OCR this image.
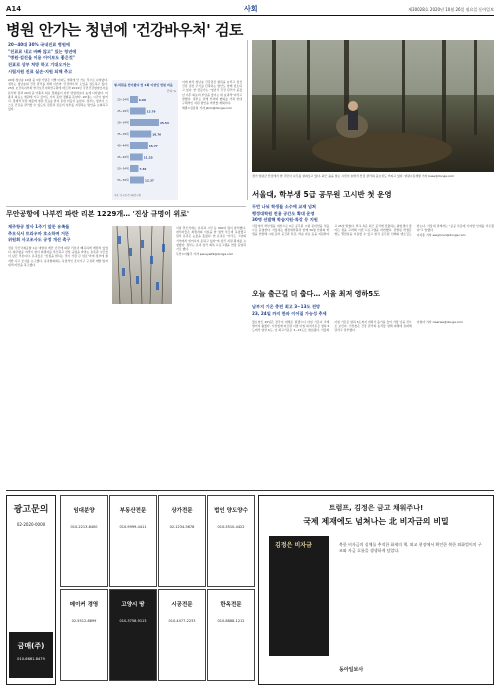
A14	사회	제30028호 2020년 10월 26일 월요일 동아일보
병원 안가는 청년에 '건강바우처' 검토
20~40대 30% 국내진료 병원에
"진료료 내고 바빠 않고" 있는 청년에
"병원·검진을 이용 이어보도 좋은것"
진료로 상부 처방 하고 기대오거는
시립지원 진료 실손·지원 되해 추고

20대 청년층 10명 중 3명 가량은 이빨 아파도 병원에 안 가는 것으로 나타났다. 정부는 청년층의 건강 관리를 위해 이른바 '건강바우처' 도입을 검토하고 있다. 25일 보건복지부와 한국보건사회연구원에 따르면 2019년 국민건강영양조사를 분석한 결과 20대 중 미충족 의료 경험률이 다른 연령대보다 높게 나타났다. 미충족 의료는 병원에 가고 싶어도 가지 못한 경험을 뜻한다. 20대는 시간이 없어서, 경제적 부담 때문에 병원 진료를 받지 못한 비율이 높았다. 정부는 청년이 스스로 건강을 관리할 수 있도록 검진과 진료비 일부를 지원하는 방안을 논의하고 있다.

병·의원을 안가봤다 연 1회 이상인 연령 비율
단위: %
20~24세	6.99
25~29세	13.79
30~34세	25.54
35~39세	18.76
40~44세	15.77
45~49세	11.20
50~54세	7.46
55~59세	12.37
자료: 한국보건사회연구원

이에 따라 청년층 건강검진 항목을 늘리고 정신건강 검진 주기를 단축하는 방안도 함께 검토되고 있다. 한 전문가는 "청년기 건강 관리가 중장년 이후 의료비 부담을 줄이는 데 효과적"이라고 말했다. 정부는 관계 부처와 협의를 거쳐 연내 구체적인 지원 방안을 마련할 계획이다.

세종=김준일 기자 jikim@donga.com

경기 양평군 산림에서 한 주민이 나무를 살펴보고 있다. 최근 숲을 찾는 시민이 늘면서 산림 관리의 중요성도 커지고 있다. 양평=김재명 기자 base@donga.com
서울대, 학부생 5급 공무원 고시반 첫 운영
두번 나눠 학생들 소수에 교재 넘쳐
행정대학원 전용 공간도 확대 운영
30명 선발해 학습지원·특강 등 지원

서울대가 학부생을 대상으로 5급 공무원 시험 준비반을 처음으로 운영한다. 서울대는 행정대학원과 함께 30명 안팎의 학생을 선발해 시험 준비 공간과 특강, 학습 자료 등을 지원한다고 25일 밝혔다. 학교 측은 최근 공직에 진출하는 졸업생이 줄어든 점을 고려해 이번 프로그램을 마련했다. 선발된 학생은 별도 열람실을 이용할 수 있고 현직 공무원 선배의 멘토링도 받는다. 서울대 관계자는 "공공 부문에 기여할 인재를 키우겠다"고 말했다.

이지훈 기자 easyhoon@donga.com

무안공항에 나부낀 파란 리본 1229개… '진상 규명이 위로'
제주항공 참사 1주기 앞둔 유족들
추모식서 트라우마 호소하며 거뜬
위원회 사고조사도 공정 개선 촉구

전남 무안국제공항 1층 대합실 계단 난간에 파란 리본이 빼곡하게 매달려 있었다. 제주항공 여객기 참사 희생자를 추모하고 진상 규명을 바라는 유족과 시민들이 남긴 리본이다. 유족들은 "진실을 밝히는 것이 가장 큰 위로"라며 정부에 철저한 사고 조사를 요구했다. 유족협의회는 독립적인 조사기구 구성과 재발 방지 대책 마련을 촉구했다.

이날 추모식에는 유족과 시민 등 300여 명이 참석했다. 참석자들은 희생자의 이름을 한 명씩 부르며 묵념했고 일부 유족은 눈물을 흘렸다. 한 유족은 "아직도 그날의 기억에서 벗어나지 못하고 있다"며 심리 지원 확대를 요청했다. 정부는 유족 심리 회복 프로그램을 연장 운영하기로 했다.

무안=이형주 기자 peneye09@donga.com

오늘 출근길 더 춥다… 서울 최저 영하5도
남부지 기온 충전 최고 3~13도 전망
23, 24일 까지 한파 이어질 가능성 추세

월요일인 26일은 전국이 대체로 맑겠으나 아침 기온이 크게 떨어져 춥겠다. 기상청에 따르면 이날 아침 최저기온은 영하 5도에서 영상 6도, 낮 최고기온은 3~13도로 예보됐다. 서울의 아침 기온은 영하 5도까지 내려가 올가을 들어 가장 낮을 것으로 보인다. 기상청은 건강 관리와 농작물 냉해 피해에 유의해 달라고 당부했다.

이청아 기자 clearlee@donga.com

광고문의
02-2020-0000
금매(주)
010-6681-8479
임대분양
010-2213-8400
부동산전문
010-9999-4411
상가전문
02-1234-5678
법인 양도양수
010-5510-4422
메이커 경영
02-5512-8899
고양시 땅
010-3758-9113
시공전문
010-4477-2233
한옥전문
010-8888-1212
트럼프, 김정은 금고 채워주나!
국제 제재에도 넘쳐나는 北 비자금의 비밀
김정은 비자금	북한 비자금의 실체를 추적한 화제의 책. 외교 현장에서 확인한 북한 외화벌이의 구조와 자금 흐름을 생생하게 담았다.
동아일보사
